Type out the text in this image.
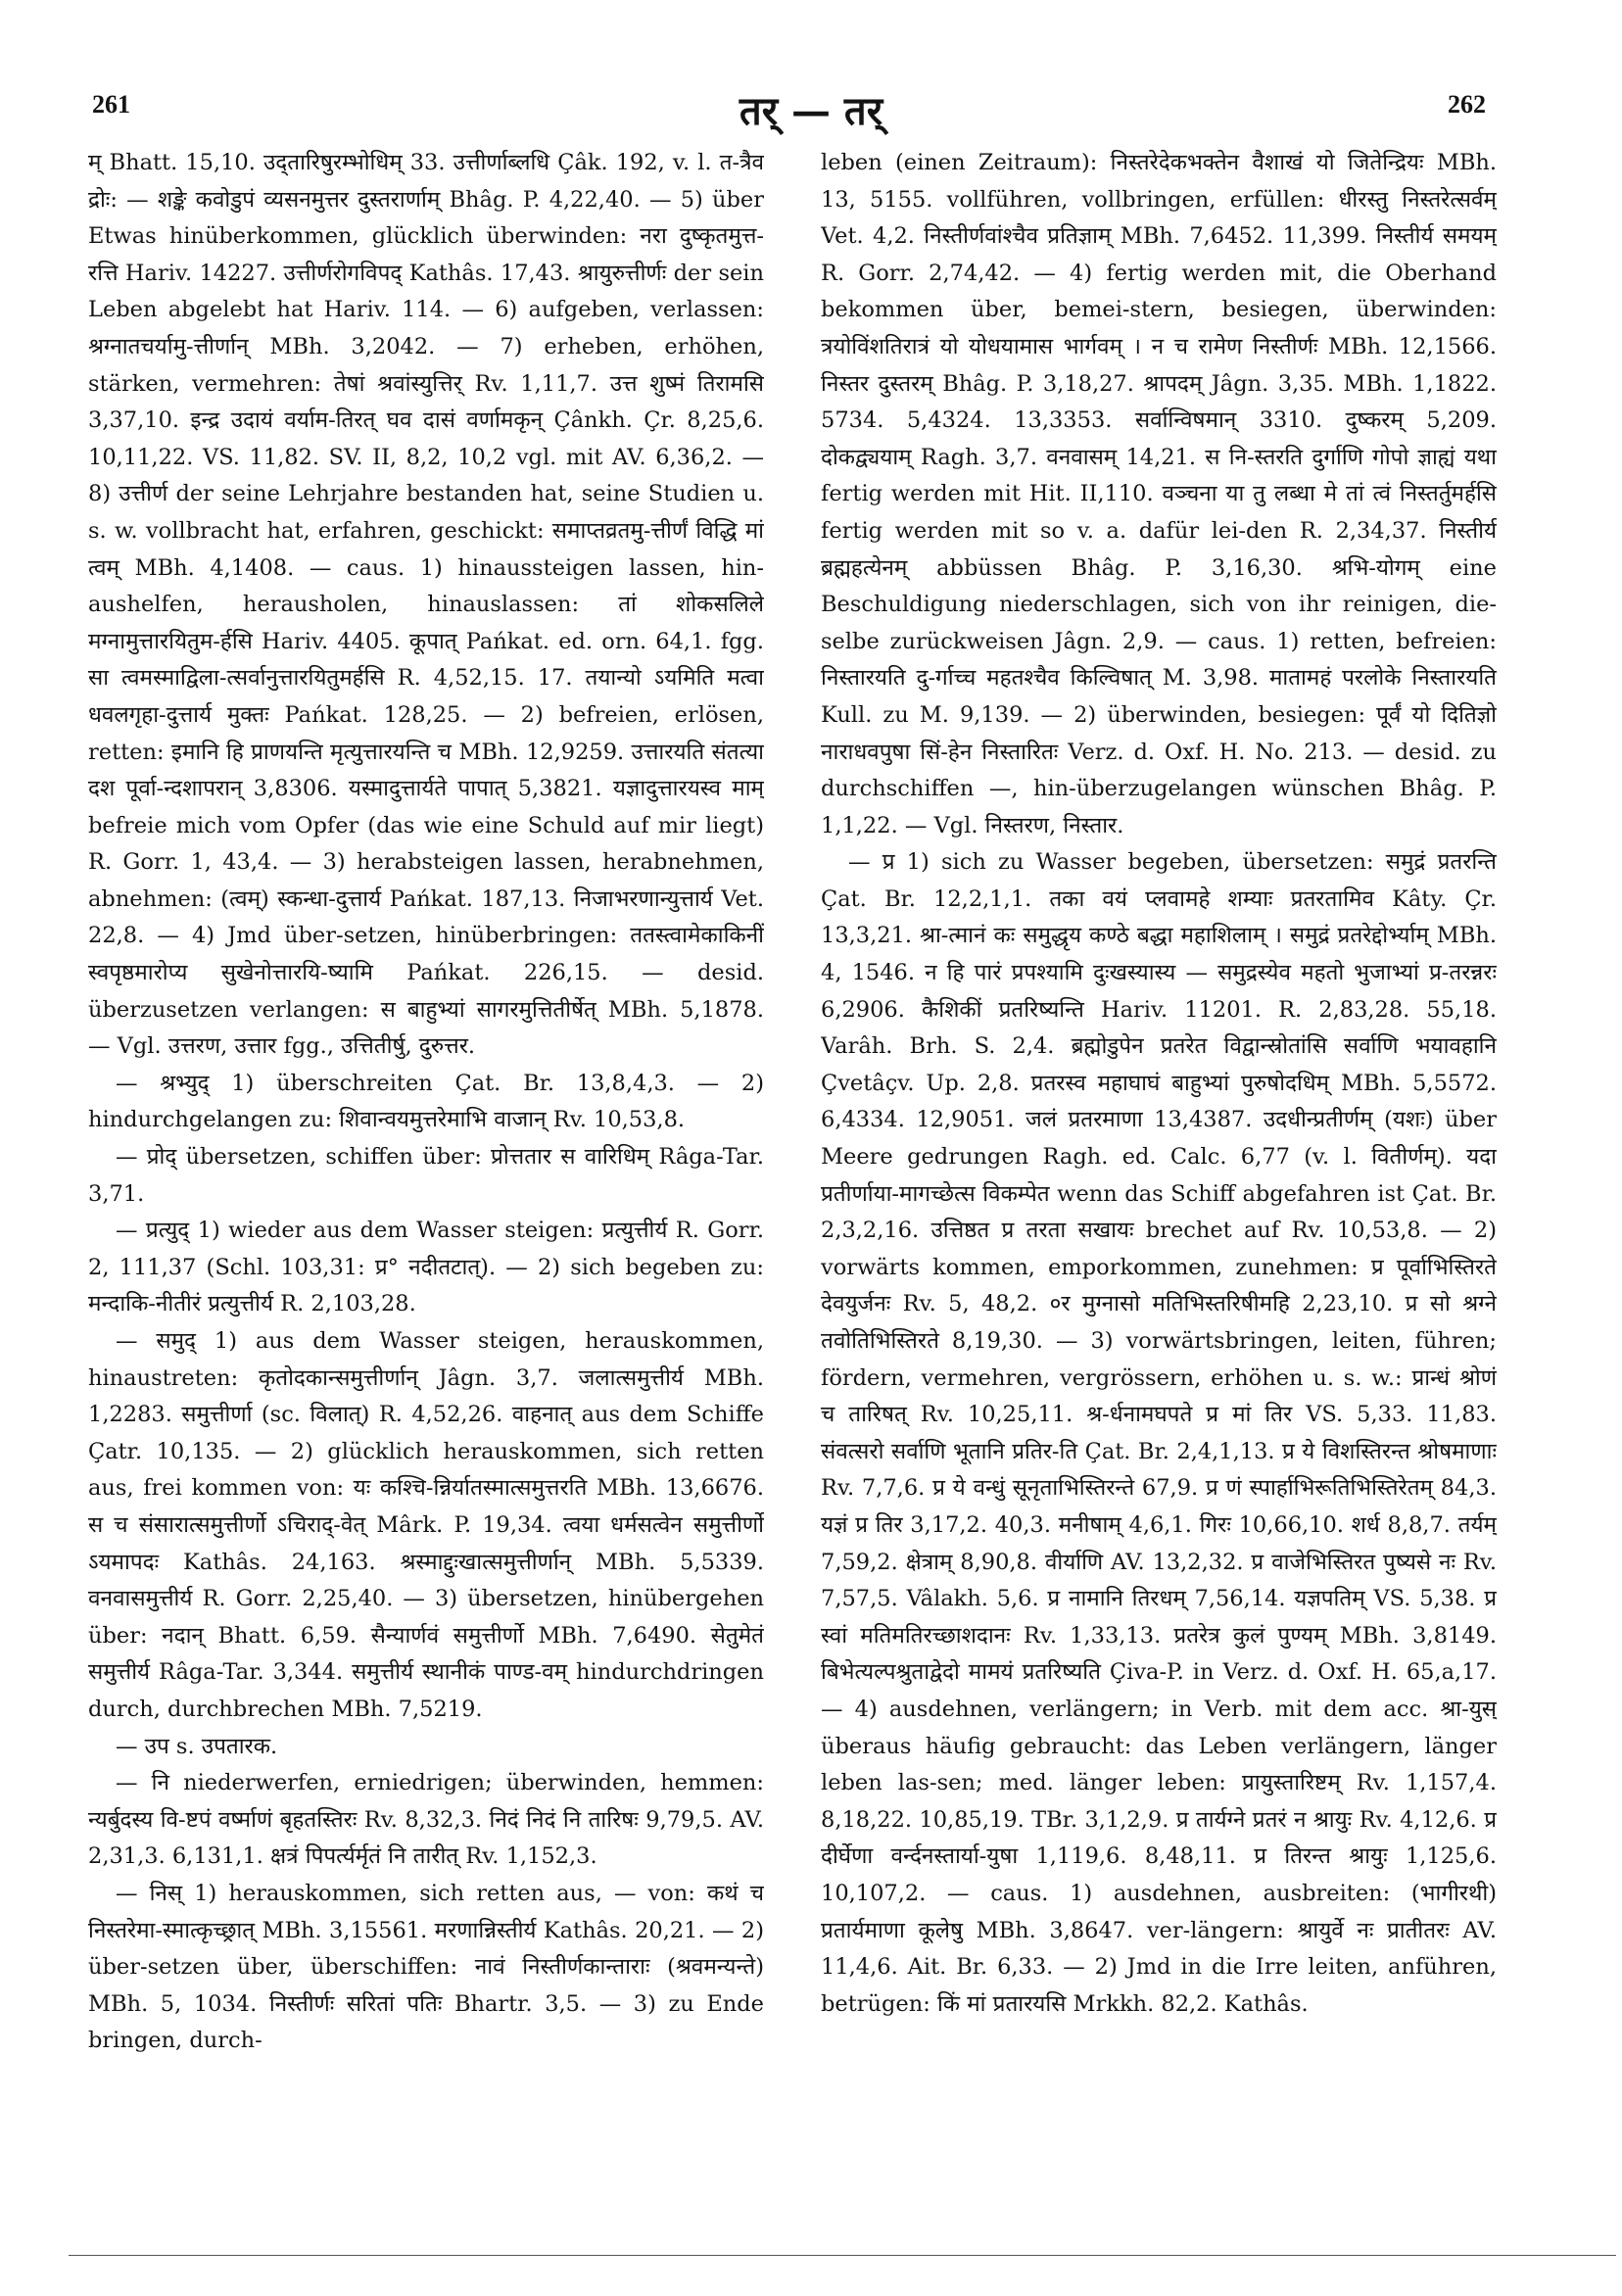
261	तर् — तर्	262

म् Bhatt. 15,10. उद्तारिषुरम्भोधिम् 33. उत्तीर्णाब्लधि Çâk. 192, v. l. त-त्रैव द्रोः: — शङ्के कवोडुपं व्यसनमुत्तर दुस्तरार्णाम् Bhâg. P. 4,22,40. — 5) über Etwas hinüberkommen, glücklich überwinden: नरा दुष्कृतमुत्त-रत्ति Hariv. 14227. उत्तीर्णरोगविपद् Kathâs. 17,43. श्रायुरुत्तीर्णः der sein Leben abgelebt hat Hariv. 114. — 6) aufgeben, verlassen: श्रग्नातचर्यामु-त्तीर्णान् MBh. 3,2042. — 7) erheben, erhöhen, stärken, vermehren: तेषां श्रवांस्युत्तिर् Rv. 1,11,7. उत्त शुष्मं तिरामसि 3,37,10. इन्द्र उदायं वर्याम-तिरत् घव दासं वर्णामकृन् Çânkh. Çr. 8,25,6. 10,11,22. VS. 11,82. SV. II, 8,2, 10,2 vgl. mit AV. 6,36,2. — 8) उत्तीर्ण der seine Lehrjahre bestanden hat, seine Studien u. s. w. vollbracht hat, erfahren, geschickt: समाप्तव्रतमु-त्तीर्णं विद्धि मां त्वम् MBh. 4,1408. — caus. 1) hinaussteigen lassen, hin-aushelfen, herausholen, hinauslassen: तां शोकसलिले मग्नामुत्तारयितुम-र्हसि Hariv. 4405. कूपात् Pańkat. ed. orn. 64,1. fgg. सा त्वमस्माद्विला-त्सर्वानुत्तारयितुमर्हसि R. 4,52,15. 17. तयान्यो ऽयमिति मत्वा धवलगृहा-दुत्तार्य मुक्तः Pańkat. 128,25. — 2) befreien, erlösen, retten: इमानि हि प्राणयन्ति मृत्युत्तारयन्ति च MBh. 12,9259. उत्तारयति संतत्या दश पूर्वा-न्दशापरान् 3,8306. यस्मादुत्तार्यते पापात् 5,3821. यज्ञादुत्तारयस्व माम् befreie mich vom Opfer (das wie eine Schuld auf mir liegt) R. Gorr. 1, 43,4. — 3) herabsteigen lassen, herabnehmen, abnehmen: (त्वम्) स्कन्धा-दुत्तार्य Pańkat. 187,13. निजाभरणान्युत्तार्य Vet. 22,8. — 4) Jmd über-setzen, hinüberbringen: ततस्त्वामेकाकिनीं स्वपृष्ठमारोप्य सुखेनोत्तारयि-ष्यामि Pańkat. 226,15. — desid. überzusetzen verlangen: स बाहुभ्यां सागरमुत्तितीर्षेत् MBh. 5,1878. — Vgl. उत्तरण, उत्तार fgg., उत्तितीर्षु, दुरुत्तर.

— श्रभ्युद् 1) überschreiten Çat. Br. 13,8,4,3. — 2) hindurchgelangen zu: शिवान्वयमुत्तरेमाभि वाजान् Rv. 10,53,8.

— प्रोद् übersetzen, schiffen über: प्रोत्ततार स वारिधिम् Râga-Tar. 3,71.

— प्रत्युद् 1) wieder aus dem Wasser steigen: प्रत्युत्तीर्य R. Gorr. 2, 111,37 (Schl. 103,31: प्र° नदीतटात्). — 2) sich begeben zu: मन्दाकि-नीतीरं प्रत्युत्तीर्य R. 2,103,28.

— समुद् 1) aus dem Wasser steigen, herauskommen, hinaustreten: कृतोदकान्समुत्तीर्णान् Jâgn. 3,7. जलात्समुत्तीर्य MBh. 1,2283. समुत्तीर्णा (sc. विलात्) R. 4,52,26. वाहनात् aus dem Schiffe Çatr. 10,135. — 2) glücklich herauskommen, sich retten aus, frei kommen von: यः कश्चि-न्निर्यातस्मात्समुत्तरति MBh. 13,6676. स च संसारात्समुत्तीर्णो ऽचिराद्-वेत् Mârk. P. 19,34. त्वया धर्मसत्वेन समुत्तीर्णो ऽयमापदः Kathâs. 24,163. श्रस्माद्दुःखात्समुत्तीर्णान् MBh. 5,5339. वनवासमुत्तीर्य R. Gorr. 2,25,40. — 3) übersetzen, hinübergehen über: नदान् Bhatt. 6,59. सैन्यार्णवं समुत्तीर्णो MBh. 7,6490. सेतुमेतं समुत्तीर्य Râga-Tar. 3,344. समुत्तीर्य स्थानीकं पाण्ड-वम् hindurchdringen durch, durchbrechen MBh. 7,5219.

— उप s. उपतारक.

— नि niederwerfen, erniedrigen; überwinden, hemmen: न्यर्बुदस्य वि-ष्टपं वर्ष्माणं बृहतस्तिरः Rv. 8,32,3. निदं निदं नि तारिषः 9,79,5. AV. 2,31,3. 6,131,1. क्षत्रं पिपर्त्यर्मृतं नि तारीत् Rv. 1,152,3.

— निस् 1) herauskommen, sich retten aus, — von: कथं च निस्तरेमा-स्मात्कृच्छ्रात् MBh. 3,15561. मरणान्निस्तीर्य Kathâs. 20,21. — 2) über-setzen über, überschiffen: नावं निस्तीर्णकान्ताराः (श्रवमन्यन्ते) MBh. 5, 1034. निस्तीर्णः सरितां पतिः Bhartr. 3,5. — 3) zu Ende bringen, durch-

leben (einen Zeitraum): निस्तरेदेकभक्तेन वैशाखं यो जितेन्द्रियः MBh. 13, 5155. vollführen, vollbringen, erfüllen: धीरस्तु निस्तरेत्सर्वम् Vet. 4,2. निस्तीर्णवांश्चैव प्रतिज्ञाम् MBh. 7,6452. 11,399. निस्तीर्य समयम् R. Gorr. 2,74,42. — 4) fertig werden mit, die Oberhand bekommen über, bemei-stern, besiegen, überwinden: त्रयोविंशतिरात्रं यो योधयामास भार्गवम् । न च रामेण निस्तीर्णः MBh. 12,1566. निस्तर दुस्तरम् Bhâg. P. 3,18,27. श्रापदम् Jâgn. 3,35. MBh. 1,1822. 5734. 5,4324. 13,3353. सर्वान्विषमान् 3310. दुष्करम् 5,209. दोकद्व्ययाम् Ragh. 3,7. वनवासम् 14,21. स नि-स्तरति दुर्गाणि गोपो ज्ञाह्यं यथा fertig werden mit Hit. II,110. वञ्चना या तु लब्धा मे तां त्वं निस्तर्तुमर्हसि fertig werden mit so v. a. dafür lei-den R. 2,34,37. निस्तीर्य ब्रह्महत्येनम् abbüssen Bhâg. P. 3,16,30. श्रभि-योगम् eine Beschuldigung niederschlagen, sich von ihr reinigen, die-selbe zurückweisen Jâgn. 2,9. — caus. 1) retten, befreien: निस्तारयति दु-र्गाच्च महतश्चैव किल्विषात् M. 3,98. मातामहं परलोके निस्तारयति Kull. zu M. 9,139. — 2) überwinden, besiegen: पूर्वं यो दितिज्ञो नाराधवपुषा सिं-हेन निस्तारितः Verz. d. Oxf. H. No. 213. — desid. zu durchschiffen —, hin-überzugelangen wünschen Bhâg. P. 1,1,22. — Vgl. निस्तरण, निस्तार.

— प्र 1) sich zu Wasser begeben, übersetzen: समुद्रं प्रतरन्ति Çat. Br. 12,2,1,1. तका वयं प्लवामहे शम्याः प्रतरतामिव Kâty. Çr. 13,3,21. श्रा-त्मानं कः समुद्धृय कण्ठे बद्धा महाशिलाम् । समुद्रं प्रतरेद्दोर्भ्याम् MBh. 4, 1546. न हि पारं प्रपश्यामि दुःखस्यास्य — समुद्रस्येव महतो भुजाभ्यां प्र-तरन्नरः 6,2906. कैशिकीं प्रतरिष्यन्ति Hariv. 11201. R. 2,83,28. 55,18. Varâh. Brh. S. 2,4. ब्रह्मोडुपेन प्रतरेत विद्वान्स्रोतांसि सर्वाणि भयावहानि Çvetâçv. Up. 2,8. प्रतरस्व महाघाघं बाहुभ्यां पुरुषोदधिम् MBh. 5,5572. 6,4334. 12,9051. जलं प्रतरमाणा 13,4387. उदधीन्प्रतीर्णम् (यशः) über Meere gedrungen Ragh. ed. Calc. 6,77 (v. l. वितीर्णम्). यदा प्रतीर्णाया-मागच्छेत्स विकम्पेत wenn das Schiff abgefahren ist Çat. Br. 2,3,2,16. उत्तिष्ठत प्र तरता सखायः brechet auf Rv. 10,53,8. — 2) vorwärts kommen, emporkommen, zunehmen: प्र पूर्वाभिस्तिरते देवयुर्जनः Rv. 5, 48,2. ०र मुग्नासो मतिभिस्तरिषीमहि 2,23,10. प्र सो श्रग्ने तवोतिभिस्तिरते 8,19,30. — 3) vorwärtsbringen, leiten, führen; fördern, vermehren, vergrössern, erhöhen u. s. w.: प्रान्धं श्रोणं च तारिषत् Rv. 10,25,11. श्र-र्धनामघपते प्र मां तिर VS. 5,33. 11,83. संवत्सरो सर्वाणि भूतानि प्रतिर-ति Çat. Br. 2,4,1,13. प्र ये विशस्तिरन्त श्रोषमाणाः Rv. 7,7,6. प्र ये वन्धुं सूनृताभिस्तिरन्ते 67,9. प्र णं स्पार्हाभिरूतिभिस्तिरेतम् 84,3. यज्ञं प्र तिर 3,17,2. 40,3. मनीषाम् 4,6,1. गिरः 10,66,10. शर्ध 8,8,7. तर्यम् 7,59,2. क्षेत्राम् 8,90,8. वीर्याणि AV. 13,2,32. प्र वाजेभिस्तिरत पुष्यसे नः Rv. 7,57,5. Vâlakh. 5,6. प्र नामानि तिरधम् 7,56,14. यज्ञपतिम् VS. 5,38. प्र स्वां मतिमतिरच्छाशदानः Rv. 1,33,13. प्रतरेत्र कुलं पुण्यम् MBh. 3,8149. बिभेत्यल्पश्रुताद्वेदो मामयं प्रतरिष्यति Çiva-P. in Verz. d. Oxf. H. 65,a,17. — 4) ausdehnen, verlängern; in Verb. mit dem acc. श्रा-युस् überaus häufig gebraucht: das Leben verlängern, länger leben las-sen; med. länger leben: प्रायुस्तारिष्टम् Rv. 1,157,4. 8,18,22. 10,85,19. TBr. 3,1,2,9. प्र तार्यग्ने प्रतरं न श्रायुः Rv. 4,12,6. प्र दीर्घेणा वर्न्दनस्तार्या-युषा 1,119,6. 8,48,11. प्र तिरन्त श्रायुः 1,125,6. 10,107,2. — caus. 1) ausdehnen, ausbreiten: (भागीरथी) प्रतार्यमाणा कूलेषु MBh. 3,8647. ver-längern: श्रायुर्वे नः प्रातीतरः AV. 11,4,6. Ait. Br. 6,33. — 2) Jmd in die Irre leiten, anführen, betrügen: किं मां प्रतारयसि Mrkkh. 82,2. Kathâs.
